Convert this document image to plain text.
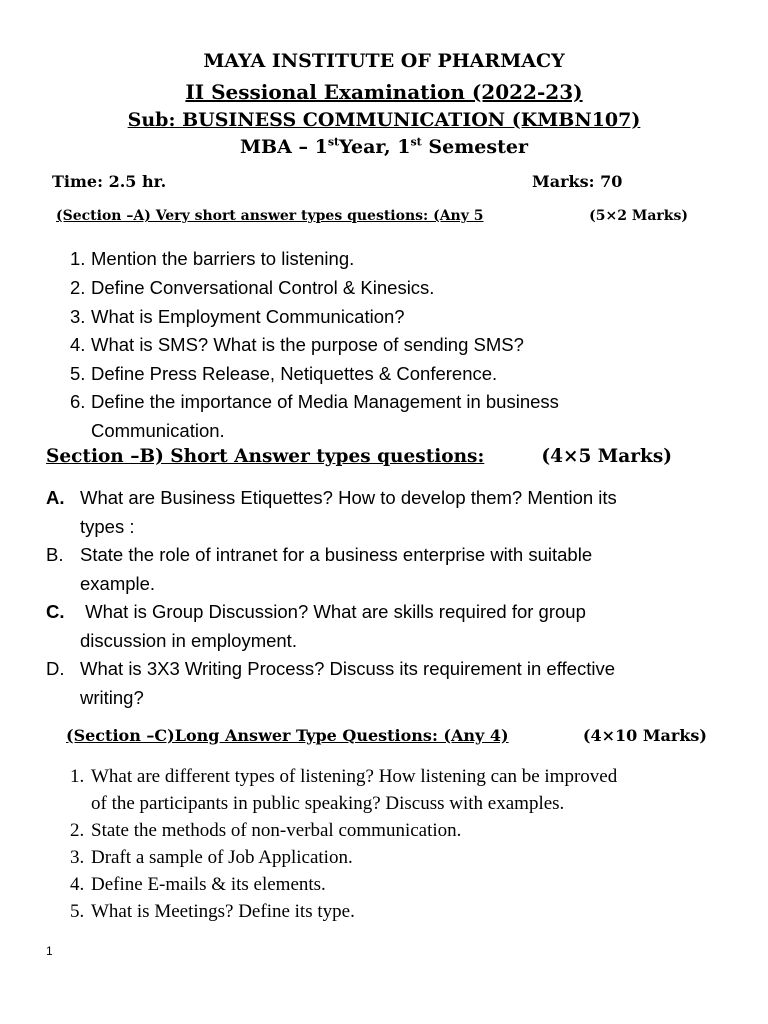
MAYA INSTITUTE OF PHARMACY
II Sessional Examination (2022-23)
Sub: BUSINESS COMMUNICATION (KMBN107)
MBA – 1stYear, 1st Semester
Time: 2.5 hr.	Marks: 70
(Section –A) Very short answer types questions: (Any 5	(5×2 Marks)
1. Mention the barriers to listening.
2. Define Conversational Control & Kinesics.
3. What is Employment Communication?
4. What is SMS? What is the purpose of sending SMS?
5. Define Press Release, Netiquettes & Conference.
6. Define the importance of Media Management in business
Communication.
Section –B) Short Answer types questions:	(4×5 Marks)
A. What are Business Etiquettes? How to develop them? Mention its
types :
B. State the role of intranet for a business enterprise with suitable
example.
C. What is Group Discussion? What are skills required for group
discussion in employment.
D. What is 3X3 Writing Process? Discuss its requirement in effective
writing?
(Section –C)Long Answer Type Questions: (Any 4)	(4×10 Marks)
1. What are different types of listening? How listening can be improved
of the participants in public speaking? Discuss with examples.
2. State the methods of non-verbal communication.
3. Draft a sample of Job Application.
4. Define E-mails & its elements.
5. What is Meetings? Define its type.
1
